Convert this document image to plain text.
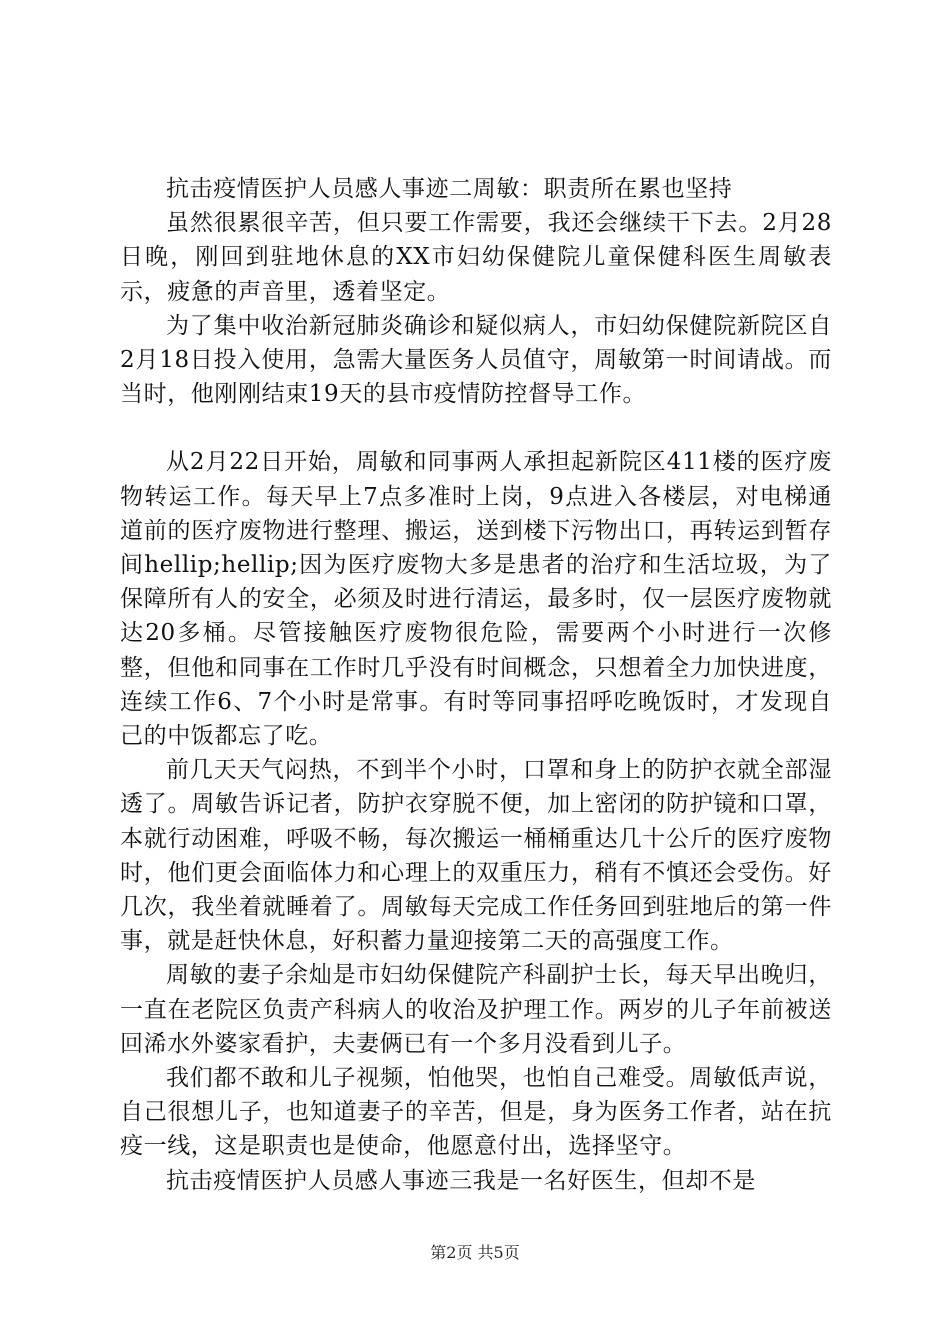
抗击疫情医护人员感人事迹二周敏：职责所在累也坚持

虽然很累很辛苦，但只要工作需要，我还会继续干下去。2月28日晚，刚回到驻地休息的XX市妇幼保健院儿童保健科医生周敏表示，疲惫的声音里，透着坚定。

为了集中收治新冠肺炎确诊和疑似病人，市妇幼保健院新院区自2月18日投入使用，急需大量医务人员值守，周敏第一时间请战。而当时，他刚刚结束19天的县市疫情防控督导工作。

从2月22日开始，周敏和同事两人承担起新院区411楼的医疗废物转运工作。每天早上7点多准时上岗，9点进入各楼层，对电梯通道前的医疗废物进行整理、搬运，送到楼下污物出口，再转运到暂存间hellip;hellip;因为医疗废物大多是患者的治疗和生活垃圾，为了保障所有人的安全，必须及时进行清运，最多时，仅一层医疗废物就达20多桶。尽管接触医疗废物很危险，需要两个小时进行一次修整，但他和同事在工作时几乎没有时间概念，只想着全力加快进度，连续工作6、7个小时是常事。有时等同事招呼吃晚饭时，才发现自己的中饭都忘了吃。

前几天天气闷热，不到半个小时，口罩和身上的防护衣就全部湿透了。周敏告诉记者，防护衣穿脱不便，加上密闭的防护镜和口罩，本就行动困难，呼吸不畅，每次搬运一桶桶重达几十公斤的医疗废物时，他们更会面临体力和心理上的双重压力，稍有不慎还会受伤。好几次，我坐着就睡着了。周敏每天完成工作任务回到驻地后的第一件事，就是赶快休息，好积蓄力量迎接第二天的高强度工作。

周敏的妻子余灿是市妇幼保健院产科副护士长，每天早出晚归，一直在老院区负责产科病人的收治及护理工作。两岁的儿子年前被送回浠水外婆家看护，夫妻俩已有一个多月没看到儿子。

我们都不敢和儿子视频，怕他哭，也怕自己难受。周敏低声说，自己很想儿子，也知道妻子的辛苦，但是，身为医务工作者，站在抗疫一线，这是职责也是使命，他愿意付出，选择坚守。

抗击疫情医护人员感人事迹三我是一名好医生，但却不是

第2页 共5页
